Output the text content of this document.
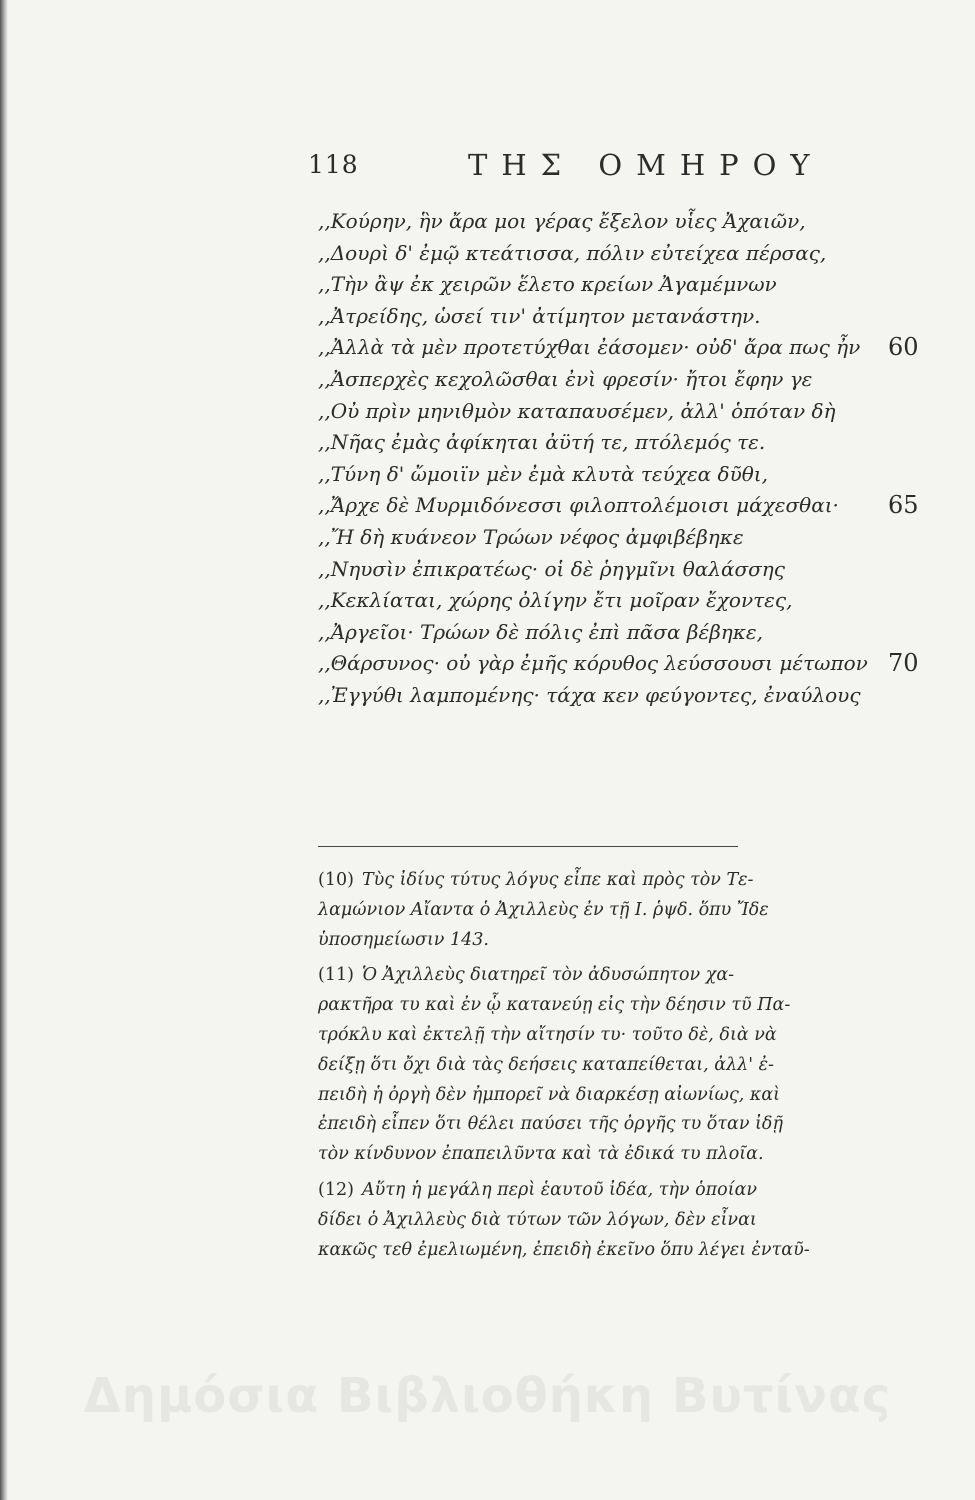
118	ΤΗΣ ΟΜΗΡΟΥ
,,Κούρην, ἣν ἄρα μοι γέρας ἔξελον υἷες Ἀχαιῶν,
,,Δουρὶ δ' ἐμῷ κτεάτισσα, πόλιν εὐτείχεα πέρσας,
,,Τὴν ἂψ ἐκ χειρῶν ἕλετο κρείων Ἀγαμέμνων
,,Ἀτρείδης, ὡσεί τιν' ἀτίμητον μετανάστην.
,,Ἀλλὰ τὰ μὲν προτετύχθαι ἐάσομεν· οὐδ' ἄρα πως ἦν 60
,,Ἀσπερχὲς κεχολῶσθαι ἐνὶ φρεσίν· ἤτοι ἔφην γε
,,Οὐ πρὶν μηνιθμὸν καταπαυσέμεν, ἀλλ' ὁπόταν δὴ
,,Νῆας ἐμὰς ἀφίκηται ἀϋτή τε, πτόλεμός τε.
,,Τύνη δ' ὤμοιϊν μὲν ἐμὰ κλυτὰ τεύχεα δῦθι,
,,Ἄρχε δὲ Μυρμιδόνεσσι φιλοπτολέμοισι μάχεσθαι· 65
,,Ἤ δὴ κυάνεον Τρώων νέφος ἀμφιβέβηκε
,,Νηυσὶν ἐπικρατέως· οἱ δὲ ῥηγμῖνι θαλάσσης
,,Κεκλίαται, χώρης ὀλίγην ἔτι μοῖραν ἔχοντες,
,,Ἀργεῖοι· Τρώων δὲ πόλις ἐπὶ πᾶσα βέβηκε,
,,Θάρσυνος· οὐ γὰρ ἐμῆς κόρυθος λεύσσουσι μέτωπον 70
,,Ἐγγύθι λαμπομένης· τάχα κεν φεύγοντες, ἐναύλους
(10) Τὺς ἰδίυς τύτυς λόγυς εἶπε καὶ πρὸς τὸν Τε-
λαμώνιον Αἴαντα ὁ Ἀχιλλεὺς ἐν τῇ Ι. ῥψδ. ὅπυ Ἴδε
ὑποσημείωσιν 143.
(11) Ὁ Ἀχιλλεὺς διατηρεῖ τὸν ἀδυσώπητον χα-
ρακτῆρα τυ καὶ ἐν ᾧ κατανεύῃ εἰς τὴν δέησιν τῦ Πα-
τρόκλυ καὶ ἐκτελῇ τὴν αἴτησίν τυ· τοῦτο δὲ, διὰ νὰ
δείξῃ ὅτι ὄχι διὰ τὰς δεήσεις καταπείθεται, ἀλλ' ἐ-
πειδὴ ἡ ὀργὴ δὲν ἠμπορεῖ νὰ διαρκέσῃ αἰωνίως, καὶ
ἐπειδὴ εἶπεν ὅτι θέλει παύσει τῆς ὀργῆς τυ ὅταν ἰδῇ
τὸν κίνδυνον ἐπαπειλῦντα καὶ τὰ ἐδικά τυ πλοῖα.
(12) Αὕτη ἡ μεγάλη περὶ ἑαυτοῦ ἰδέα, τὴν ὁποίαν
δίδει ὁ Ἀχιλλεὺς διὰ τύτων τῶν λόγων, δὲν εἶναι
κακῶς τεθ ἐμελιωμένη, ἐπειδὴ ἐκεῖνο ὅπυ λέγει ἐνταῦ-
Δημόσια Βιβλιοθήκη Βυτίνας
